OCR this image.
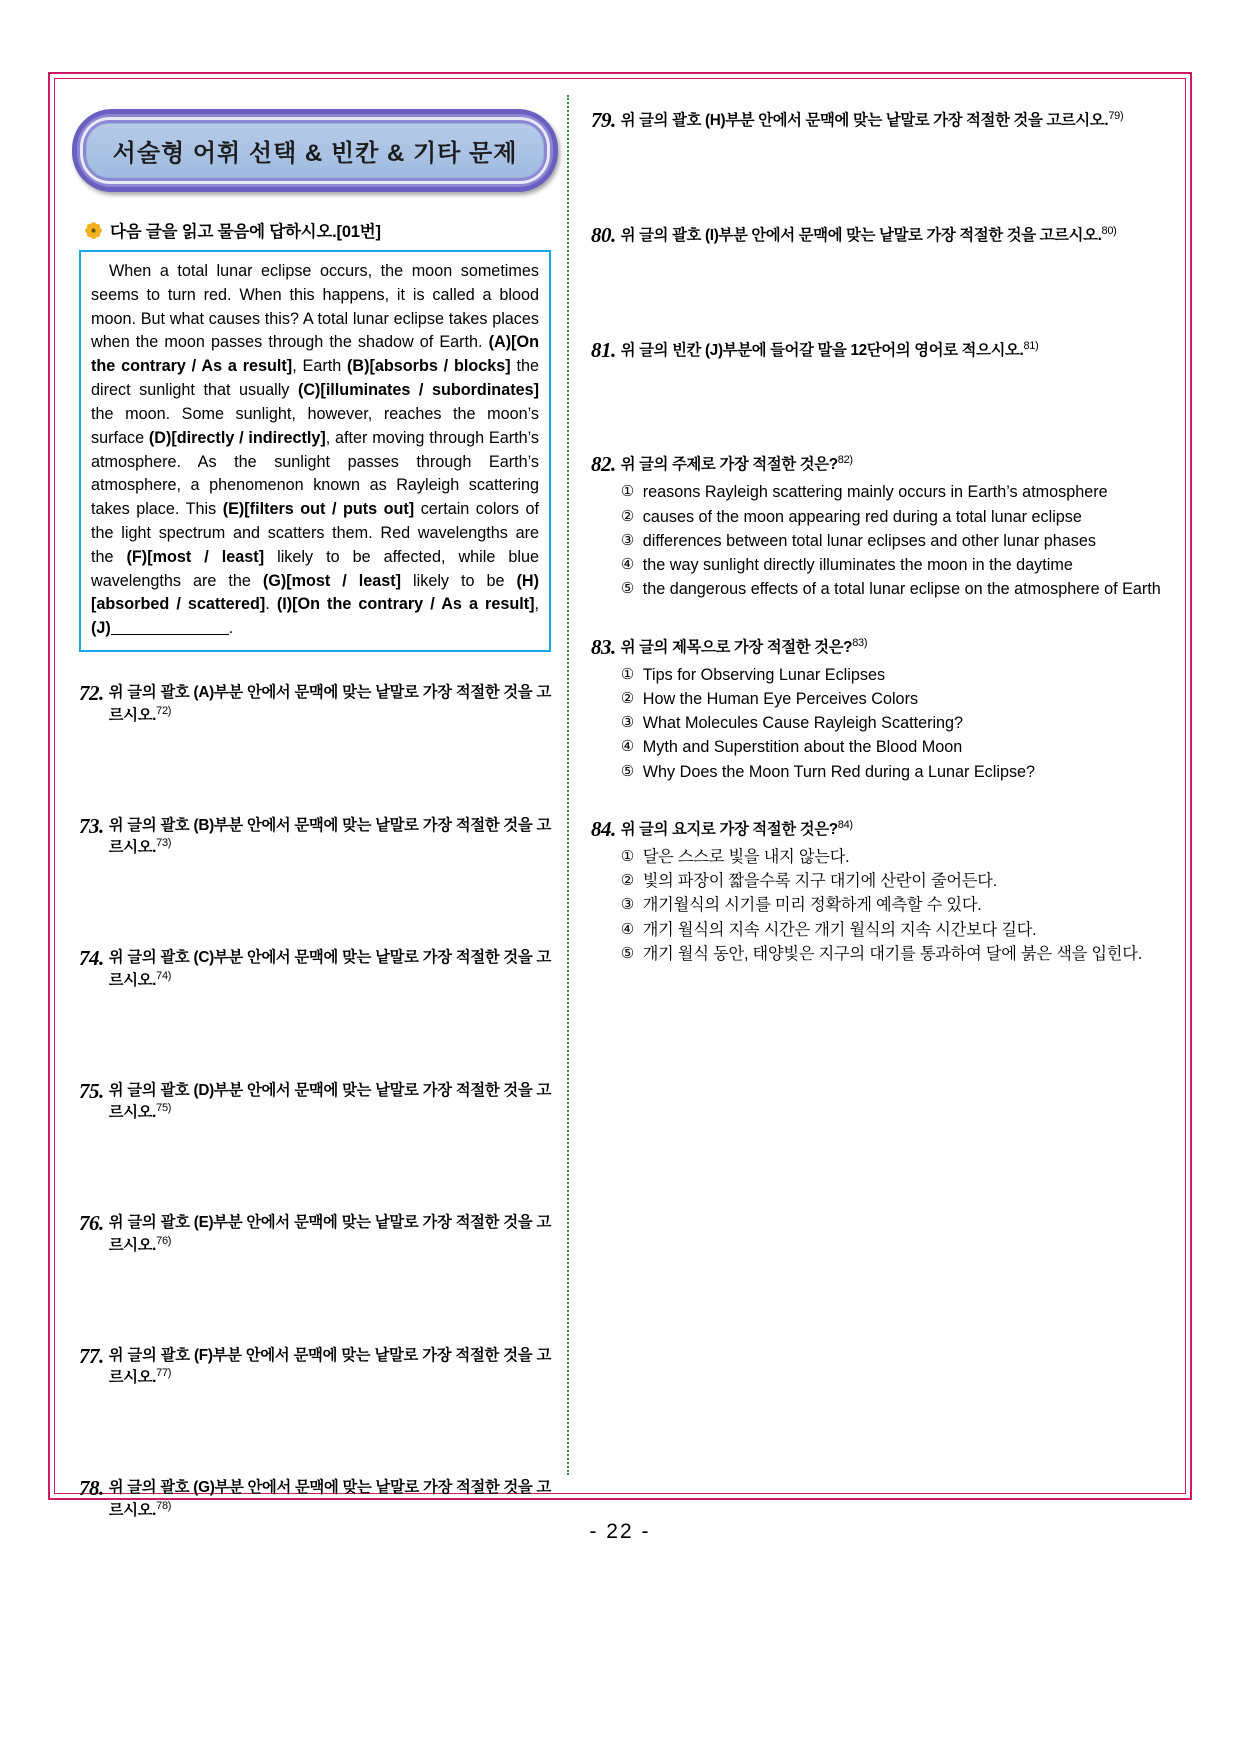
서술형 어휘 선택 & 빈칸 & 기타 문제
다음 글을 읽고 물음에 답하시오.[01번]

When a total lunar eclipse occurs, the moon sometimes seems to turn red. When this happens, it is called a blood moon. But what causes this? A total lunar eclipse takes places when the moon passes through the shadow of Earth. (A)[On the contrary / As a result], Earth (B)[absorbs / blocks] the direct sunlight that usually (C)[illuminates / subordinates] the moon. Some sunlight, however, reaches the moon’s surface (D)[directly / indirectly], after moving through Earth’s atmosphere. As the sunlight passes through Earth’s atmosphere, a phenomenon known as Rayleigh scattering takes place. This (E)[filters out / puts out] certain colors of the light spectrum and scatters them. Red wavelengths are the (F)[most / least] likely to be affected, while blue wavelengths are the (G)[most / least] likely to be (H)[absorbed / scattered]. (I)[On the contrary / As a result], (J)	.

72. 위 글의 괄호 (A)부분 안에서 문맥에 맞는 낱말로 가장 적절한 것을 고르시오.$^{72)}$
73. 위 글의 괄호 (B)부분 안에서 문맥에 맞는 낱말로 가장 적절한 것을 고르시오.$^{73)}$
74. 위 글의 괄호 (C)부분 안에서 문맥에 맞는 낱말로 가장 적절한 것을 고르시오.$^{74)}$
75. 위 글의 괄호 (D)부분 안에서 문맥에 맞는 낱말로 가장 적절한 것을 고르시오.$^{75)}$
76. 위 글의 괄호 (E)부분 안에서 문맥에 맞는 낱말로 가장 적절한 것을 고르시오.$^{76)}$
77. 위 글의 괄호 (F)부분 안에서 문맥에 맞는 낱말로 가장 적절한 것을 고르시오.$^{77)}$
78. 위 글의 괄호 (G)부분 안에서 문맥에 맞는 낱말로 가장 적절한 것을 고르시오.$^{78)}$
79. 위 글의 괄호 (H)부분 안에서 문맥에 맞는 낱말로 가장 적절한 것을 고르시오.$^{79)}$
80. 위 글의 괄호 (I)부분 안에서 문맥에 맞는 낱말로 가장 적절한 것을 고르시오.$^{80)}$
81. 위 글의 빈칸 (J)부분에 들어갈 말을 12단어의 영어로 적으시오.$^{81)}$
82. 위 글의 주제로 가장 적절한 것은?$^{82)}$
① reasons Rayleigh scattering mainly occurs in Earth’s atmosphere
② causes of the moon appearing red during a total lunar eclipse
③ differences between total lunar eclipses and other lunar phases
④ the way sunlight directly illuminates the moon in the daytime
⑤ the dangerous effects of a total lunar eclipse on the atmosphere of Earth
83. 위 글의 제목으로 가장 적절한 것은?$^{83)}$
① Tips for Observing Lunar Eclipses
② How the Human Eye Perceives Colors
③ What Molecules Cause Rayleigh Scattering?
④ Myth and Superstition about the Blood Moon
⑤ Why Does the Moon Turn Red during a Lunar Eclipse?
84. 위 글의 요지로 가장 적절한 것은?$^{84)}$
① 달은 스스로 빛을 내지 않는다.
② 빛의 파장이 짧을수록 지구 대기에 산란이 줄어든다.
③ 개기월식의 시기를 미리 정확하게 예측할 수 있다.
④ 개기 월식의 지속 시간은 개기 월식의 지속 시간보다 길다.
⑤ 개기 월식 동안, 태양빛은 지구의 대기를 통과하여 달에 붉은 색을 입힌다.
- 22 -
